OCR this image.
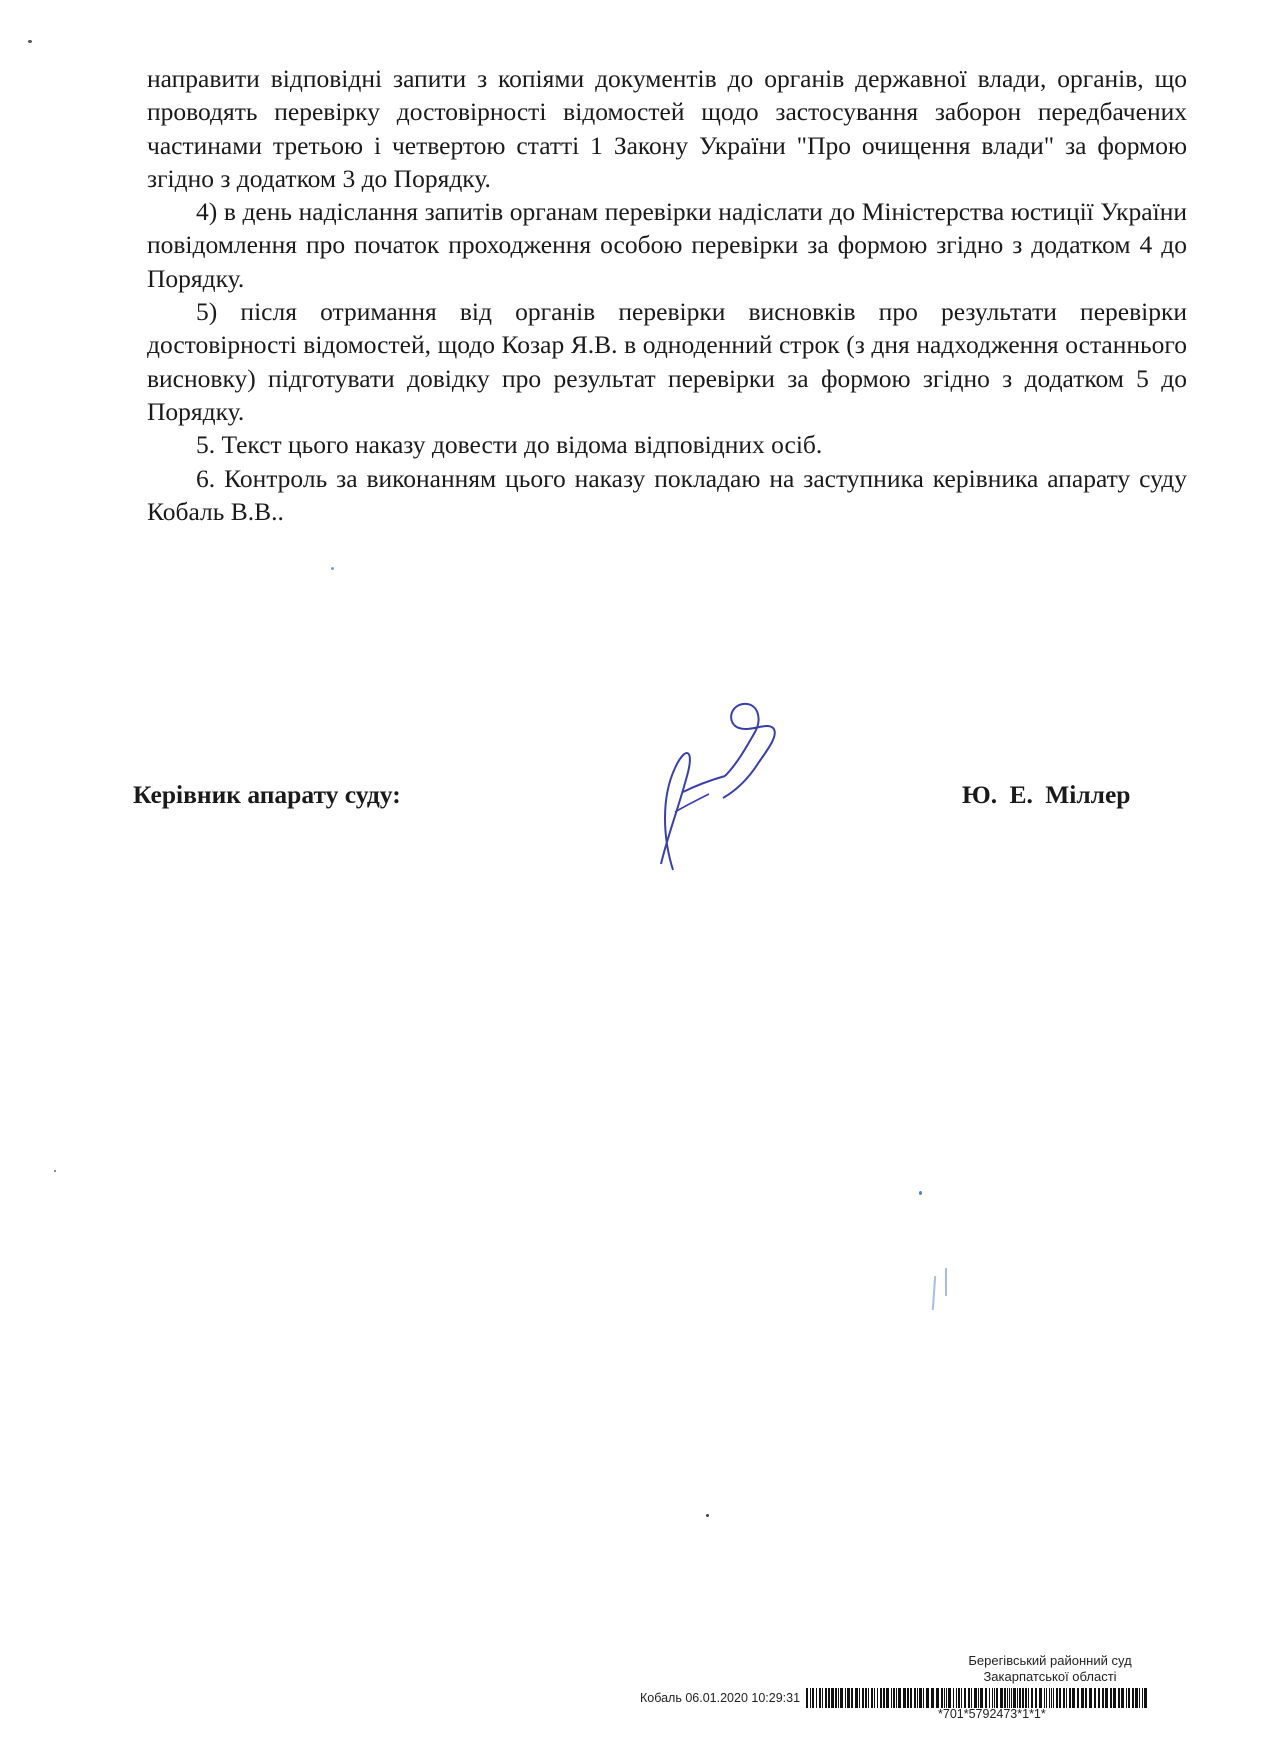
направити відповідні запити з копіями документів до органів державної влади, органів, що проводять перевірку достовірності відомостей щодо застосування заборон передбачених частинами третьою і четвертою статті 1 Закону України "Про очищення влади" за формою згідно з додатком 3 до Порядку.

4) в день надіслання запитів органам перевірки надіслати до Міністерства юстиції України повідомлення про початок проходження особою перевірки за формою згідно з додатком 4 до Порядку.

5) після отримання від органів перевірки висновків про результати перевірки достовірності відомостей, щодо Козар Я.В. в одноденний строк (з дня надходження останнього висновку) підготувати довідку про результат перевірки за формою згідно з додатком 5 до Порядку.

5. Текст цього наказу довести до відома відповідних осіб.

6. Контроль за виконанням цього наказу покладаю на заступника керівника апарату суду Кобаль В.В..

Керівник апарату суду:	Ю. Е. Міллер
Берегівський районний суд
Закарпатської області
Кобаль 06.01.2020 10:29:31
*701*5792473*1*1*
